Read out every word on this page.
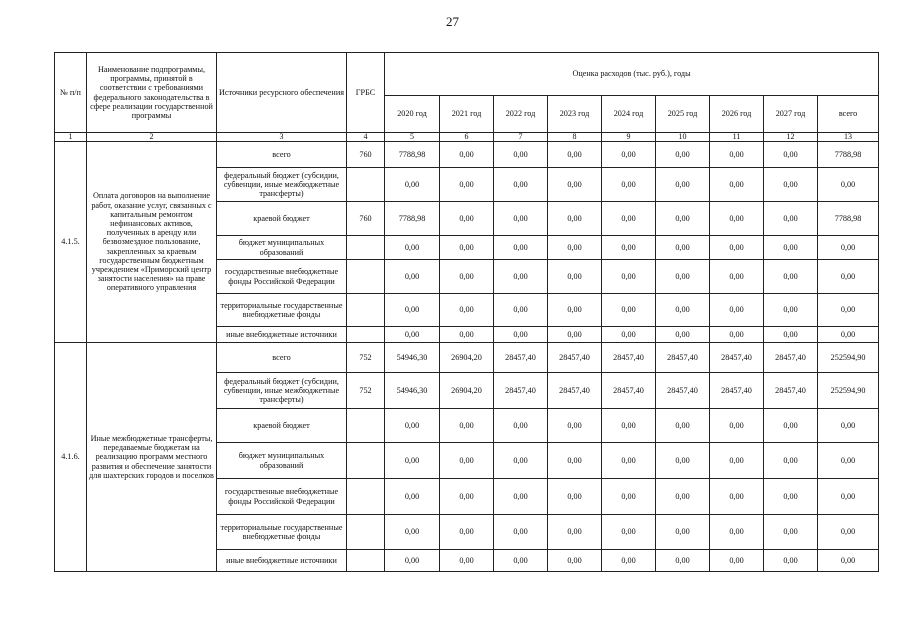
27
№ п/п	Наименование подпрограммы, программы, принятой в соответствии с требованиями федерального законодательства в сфере реализации государственной программы	Источники ресурсного обеспечения	ГРБС	Оценка расходов (тыс. руб.), годы								
				2020 год	2021 год	2022 год	2023 год	2024 год	2025 год	2026 год	2027 год	всего
1	2	3	4	5	6	7	8	9	10	11	12	13
4.1.5.	Оплата договоров на выполнение работ, оказание услуг, связанных с капитальным ремонтом нефинансовых активов, полученных в аренду или безвозмездное пользование, закрепленных за краевым государственным бюджетным учреждением «Приморский центр занятости населения» на праве оперативного управления	всего	760	7788,98	0,00	0,00	0,00	0,00	0,00	0,00	0,00	7788,98
		федеральный бюджет (субсидии, субвенции, иные межбюджетные трансферты)		0,00	0,00	0,00	0,00	0,00	0,00	0,00	0,00	0,00
		краевой бюджет	760	7788,98	0,00	0,00	0,00	0,00	0,00	0,00	0,00	7788,98
		бюджет муниципальных образований		0,00	0,00	0,00	0,00	0,00	0,00	0,00	0,00	0,00
		государственные внебюджетные фонды Российской Федерации		0,00	0,00	0,00	0,00	0,00	0,00	0,00	0,00	0,00
		территориальные государственные внебюджетные фонды		0,00	0,00	0,00	0,00	0,00	0,00	0,00	0,00	0,00
		иные внебюджетные источники		0,00	0,00	0,00	0,00	0,00	0,00	0,00	0,00	0,00
4.1.6.	Иные межбюджетные трансферты, передаваемые бюджетам на реализацию программ местного развития и обеспечение занятости для шахтерских городов и поселков	всего	752	54946,30	26904,20	28457,40	28457,40	28457,40	28457,40	28457,40	28457,40	252594,90
		федеральный бюджет (субсидии, субвенции, иные межбюджетные трансферты)	752	54946,30	26904,20	28457,40	28457,40	28457,40	28457,40	28457,40	28457,40	252594,90
		краевой бюджет		0,00	0,00	0,00	0,00	0,00	0,00	0,00	0,00	0,00
		бюджет муниципальных образований		0,00	0,00	0,00	0,00	0,00	0,00	0,00	0,00	0,00
		государственные внебюджетные фонды Российской Федерации		0,00	0,00	0,00	0,00	0,00	0,00	0,00	0,00	0,00
		территориальные государственные внебюджетные фонды		0,00	0,00	0,00	0,00	0,00	0,00	0,00	0,00	0,00
		иные внебюджетные источники		0,00	0,00	0,00	0,00	0,00	0,00	0,00	0,00	0,00
